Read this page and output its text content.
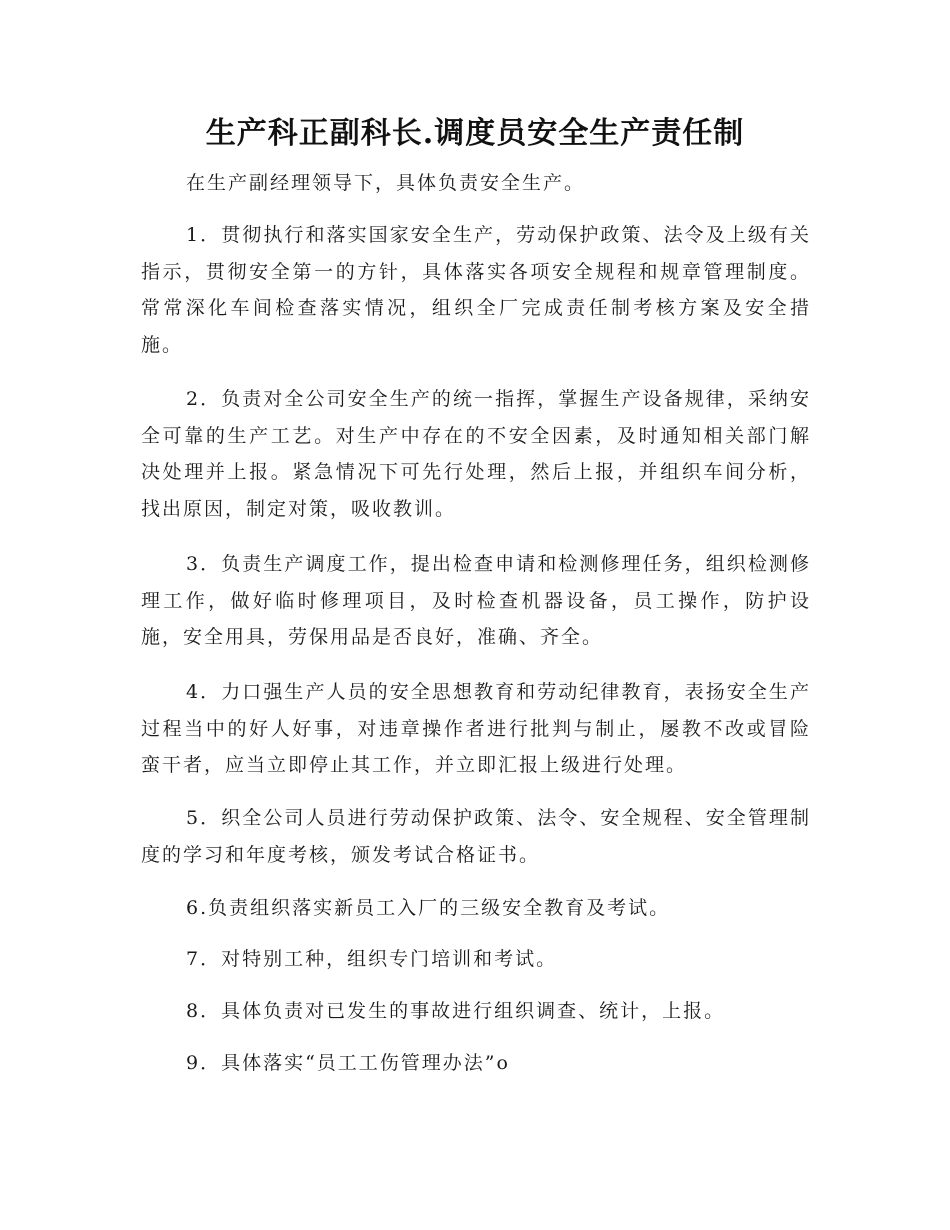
生产科正副科长.调度员安全生产责任制

在生产副经理领导下，具体负责安全生产。

1．贯彻执行和落实国家安全生产，劳动保护政策、法令及上级有关指示，贯彻安全第一的方针，具体落实各项安全规程和规章管理制度。常常深化车间检查落实情况，组织全厂完成责任制考核方案及安全措施。

2．负责对全公司安全生产的统一指挥，掌握生产设备规律，采纳安全可靠的生产工艺。对生产中存在的不安全因素，及时通知相关部门解决处理并上报。紧急情况下可先行处理，然后上报，并组织车间分析，找出原因，制定对策，吸收教训。

3．负责生产调度工作，提出检查申请和检测修理任务，组织检测修理工作，做好临时修理项目，及时检查机器设备，员工操作，防护设施，安全用具，劳保用品是否良好，准确、齐全。

4．力口强生产人员的安全思想教育和劳动纪律教育，表扬安全生产过程当中的好人好事，对违章操作者进行批判与制止，屡教不改或冒险蛮干者，应当立即停止其工作，并立即汇报上级进行处理。

5．织全公司人员进行劳动保护政策、法令、安全规程、安全管理制度的学习和年度考核，颁发考试合格证书。

6.负责组织落实新员工入厂的三级安全教育及考试。

7．对特别工种，组织专门培训和考试。

8．具体负责对已发生的事故进行组织调查、统计，上报。

9．具体落实“员工工伤管理办法”o
